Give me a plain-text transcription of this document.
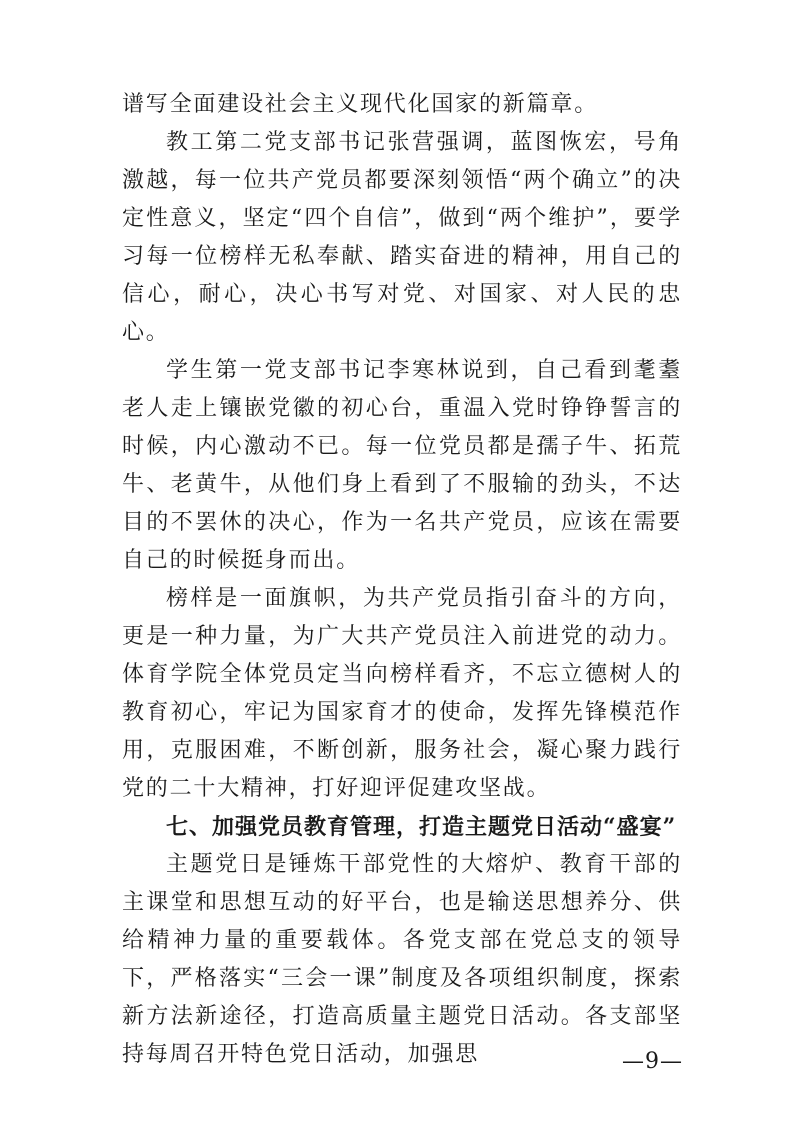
谱写全面建设社会主义现代化国家的新篇章。

教工第二党支部书记张营强调，蓝图恢宏，号角激越，每一位共产党员都要深刻领悟“两个确立”的决定性意义，坚定“四个自信”，做到“两个维护”，要学习每一位榜样无私奉献、踏实奋进的精神，用自己的信心，耐心，决心书写对党、对国家、对人民的忠心。

学生第一党支部书记李寒林说到，自己看到耄耋老人走上镶嵌党徽的初心台，重温入党时铮铮誓言的时候，内心激动不已。每一位党员都是孺子牛、拓荒牛、老黄牛，从他们身上看到了不服输的劲头，不达目的不罢休的决心，作为一名共产党员，应该在需要自己的时候挺身而出。

榜样是一面旗帜，为共产党员指引奋斗的方向，更是一种力量，为广大共产党员注入前进党的动力。体育学院全体党员定当向榜样看齐，不忘立德树人的教育初心，牢记为国家育才的使命，发挥先锋模范作用，克服困难，不断创新，服务社会，凝心聚力践行党的二十大精神，打好迎评促建攻坚战。

七、加强党员教育管理，打造主题党日活动“盛宴”

主题党日是锤炼干部党性的大熔炉、教育干部的主课堂和思想互动的好平台，也是输送思想养分、供给精神力量的重要载体。各党支部在党总支的领导下，严格落实“三会一课”制度及各项组织制度，探索新方法新途径，打造高质量主题党日活动。各支部坚持每周召开特色党日活动，加强思	—9—
